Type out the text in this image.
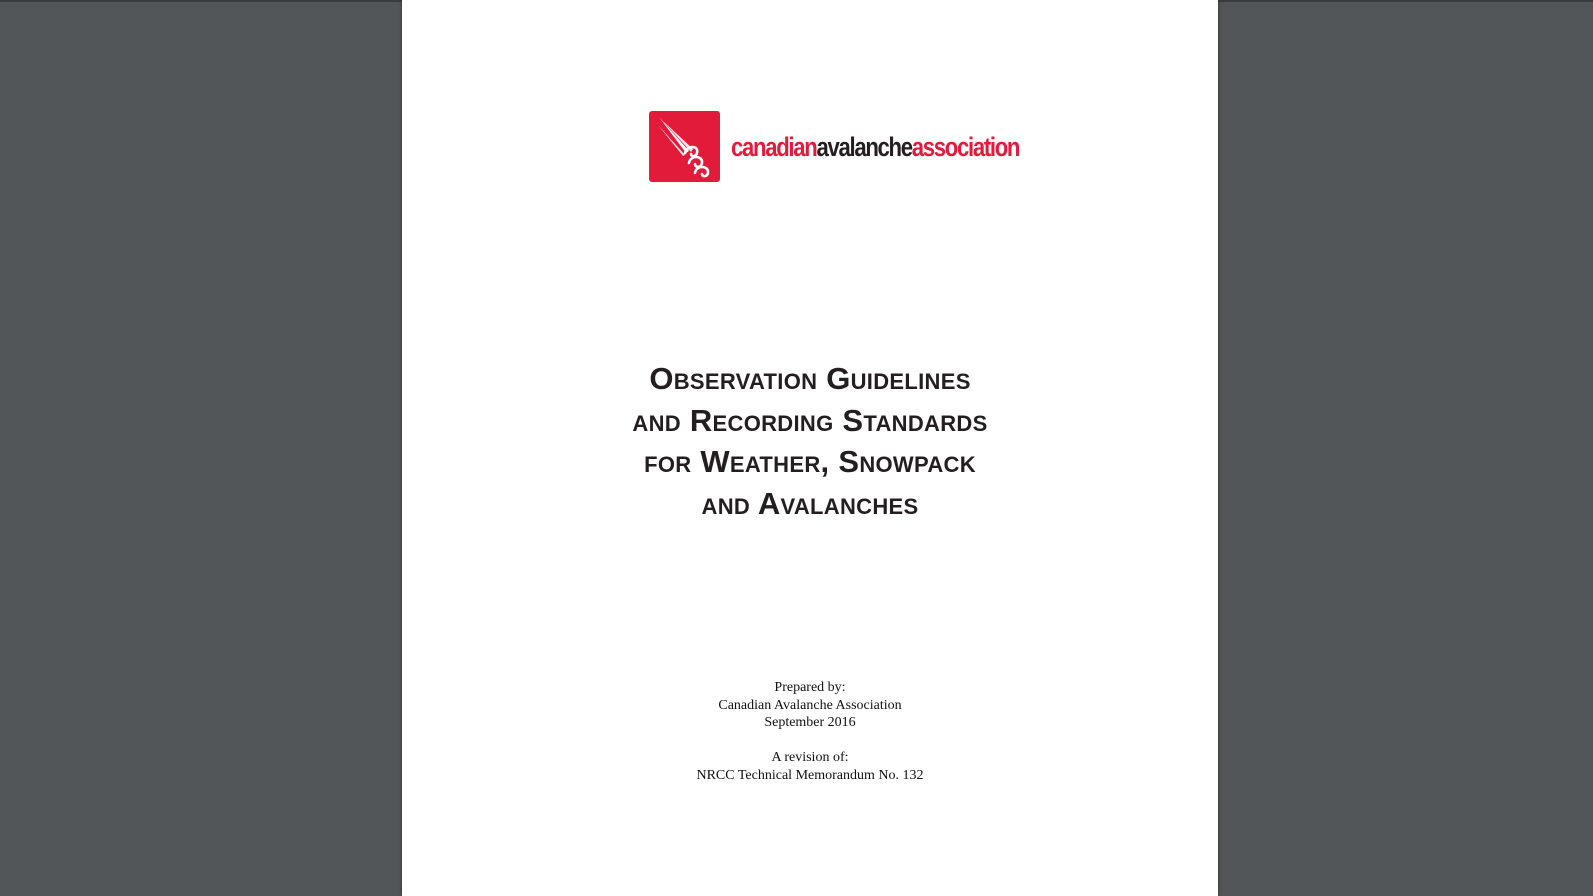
canadianavalancheassociation
Observation Guidelines
and Recording Standards
for Weather, Snowpack
and Avalanches
Prepared by:
Canadian Avalanche Association
September 2016
A revision of:
NRCC Technical Memorandum No. 132
